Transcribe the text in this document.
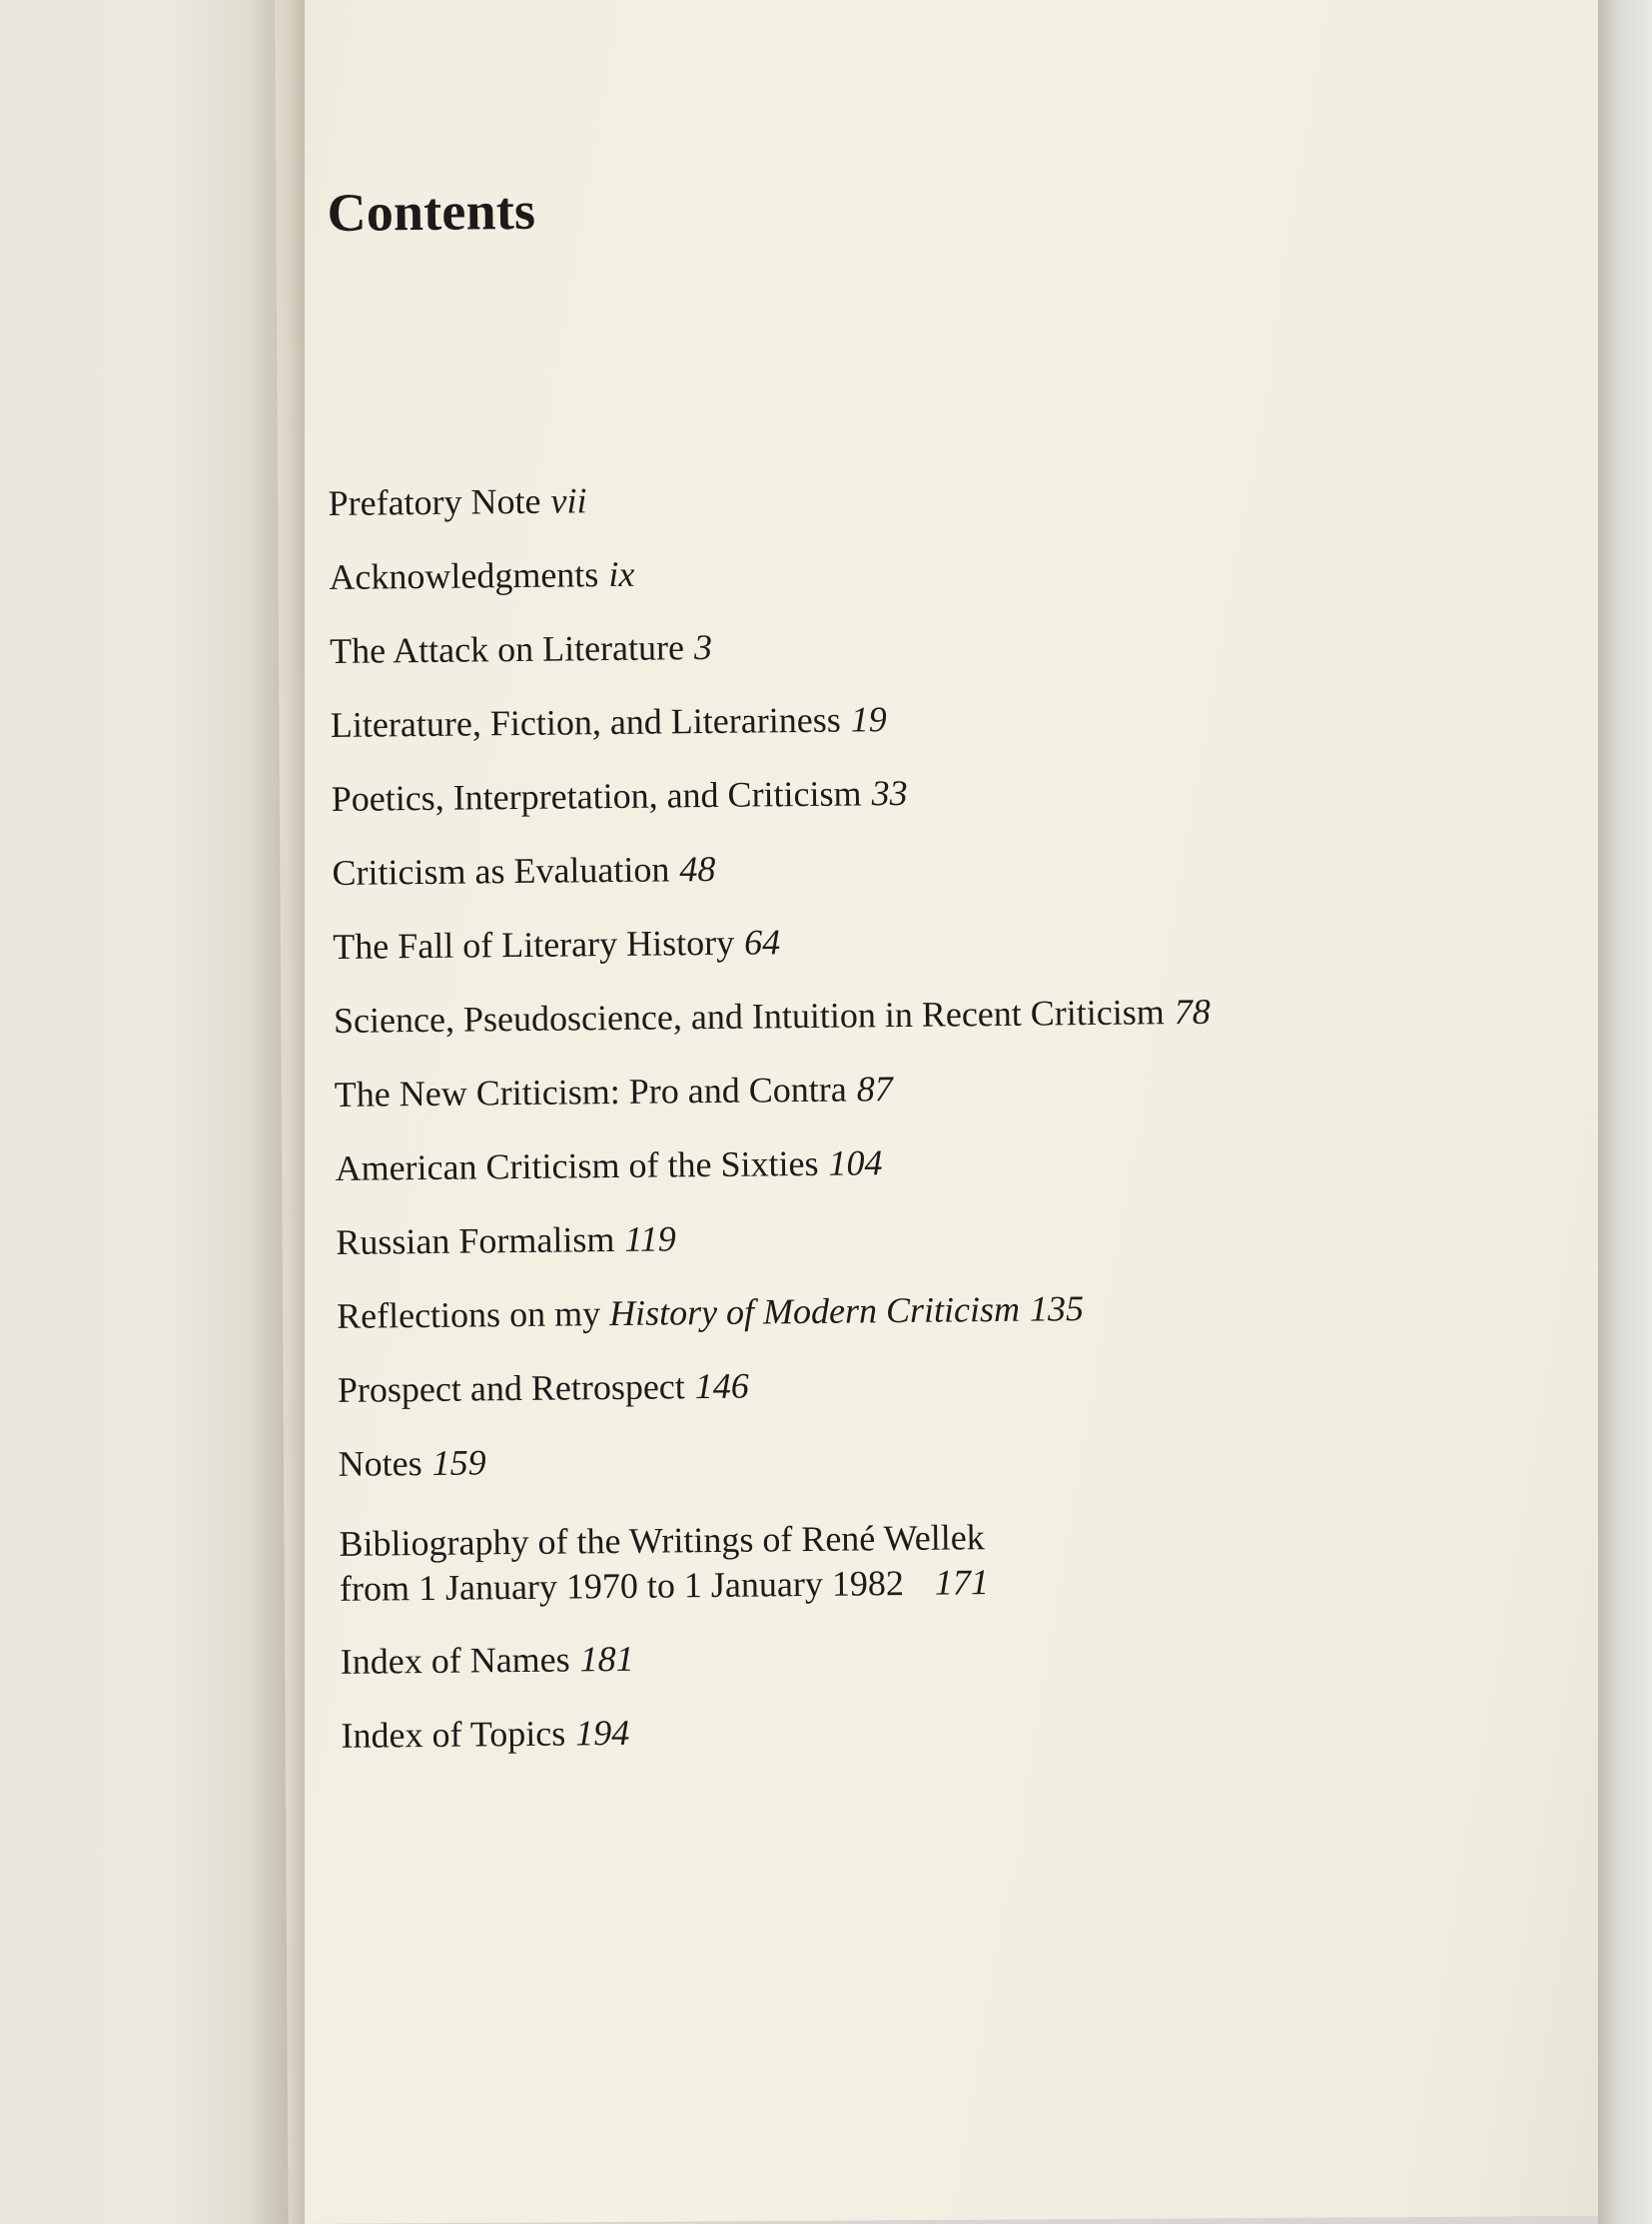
Contents
Prefatory Note vii
Acknowledgments ix
The Attack on Literature 3
Literature, Fiction, and Literariness 19
Poetics, Interpretation, and Criticism 33
Criticism as Evaluation 48
The Fall of Literary History 64
Science, Pseudoscience, and Intuition in Recent Criticism 78
The New Criticism: Pro and Contra 87
American Criticism of the Sixties 104
Russian Formalism 119
Reflections on my
History of Modern Criticism 135
Prospect and Retrospect 146
Notes 159
Bibliography of the Writings of René Wellek
from 1 January 1970 to 1 January 1982 171
Index of Names 181
Index of Topics 194
